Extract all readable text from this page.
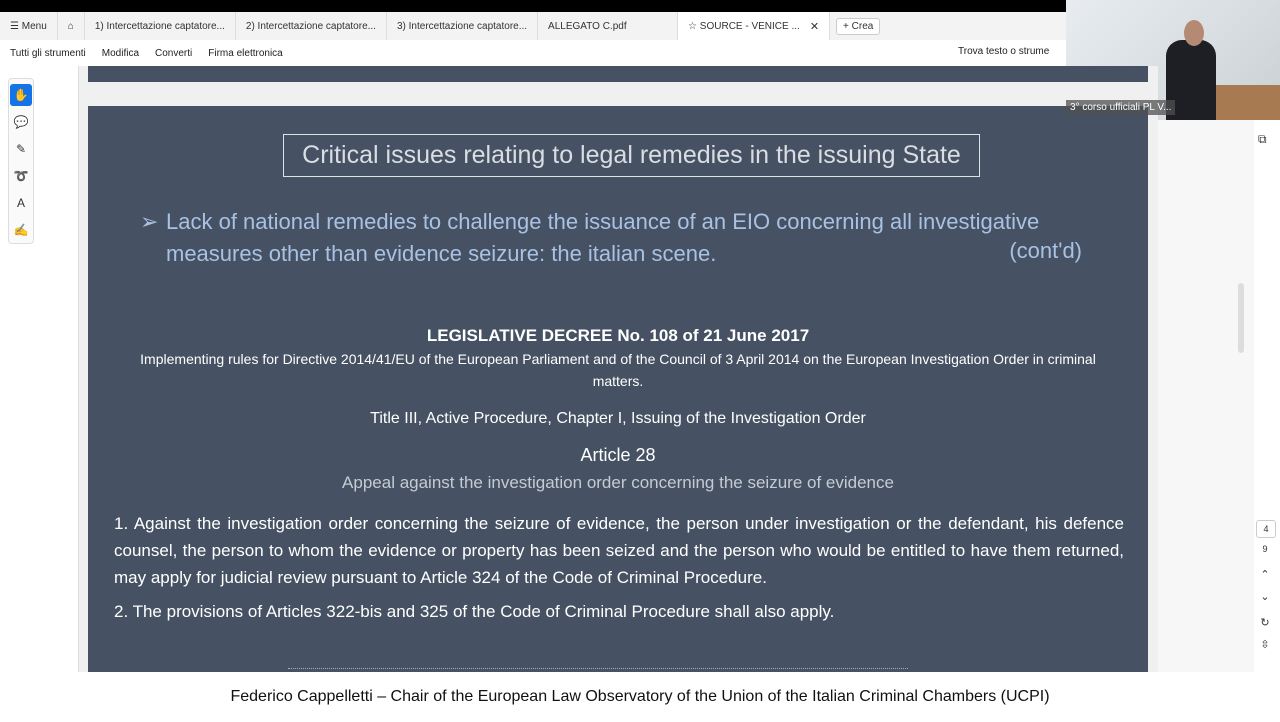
☰ Menu ⌂	1) Intercettazione captatore...	2) Intercettazione captatore...	3) Intercettazione captatore...	ALLEGATO C.pdf	☆ SOURCE - VENICE ... ✕	+ Crea
Tutti gli strumenti Modifica Converti Firma elettronica	Trova testo o strume
3° corso ufficiali PL V...
✋
💬
✎
➰
A
✍
Critical issues relating to legal remedies in the issuing State
➢ Lack of national remedies to challenge the issuance of an EIO concerning all investigative measures other than evidence seizure: the italian scene.	(cont'd)
LEGISLATIVE DECREE No. 108 of 21 June 2017
Implementing rules for Directive 2014/41/EU of the European Parliament and of the Council of 3 April 2014 on the European Investigation Order in criminal matters.
Title III, Active Procedure, Chapter I, Issuing of the Investigation Order
Article 28
Appeal against the investigation order concerning the seizure of evidence
1. Against the investigation order concerning the seizure of evidence, the person under investigation or the defendant, his defence counsel, the person to whom the evidence or property has been seized and the person who would be entitled to have them returned, may apply for judicial review pursuant to Article 324 of the Code of Criminal Procedure.
2. The provisions of Articles 322-bis and 325 of the Code of Criminal Procedure shall also apply.
⧉
4
9
⌃
⌄
↻
⇳
Federico Cappelletti – Chair of the European Law Observatory of the Union of the Italian Criminal Chambers (UCPI)
